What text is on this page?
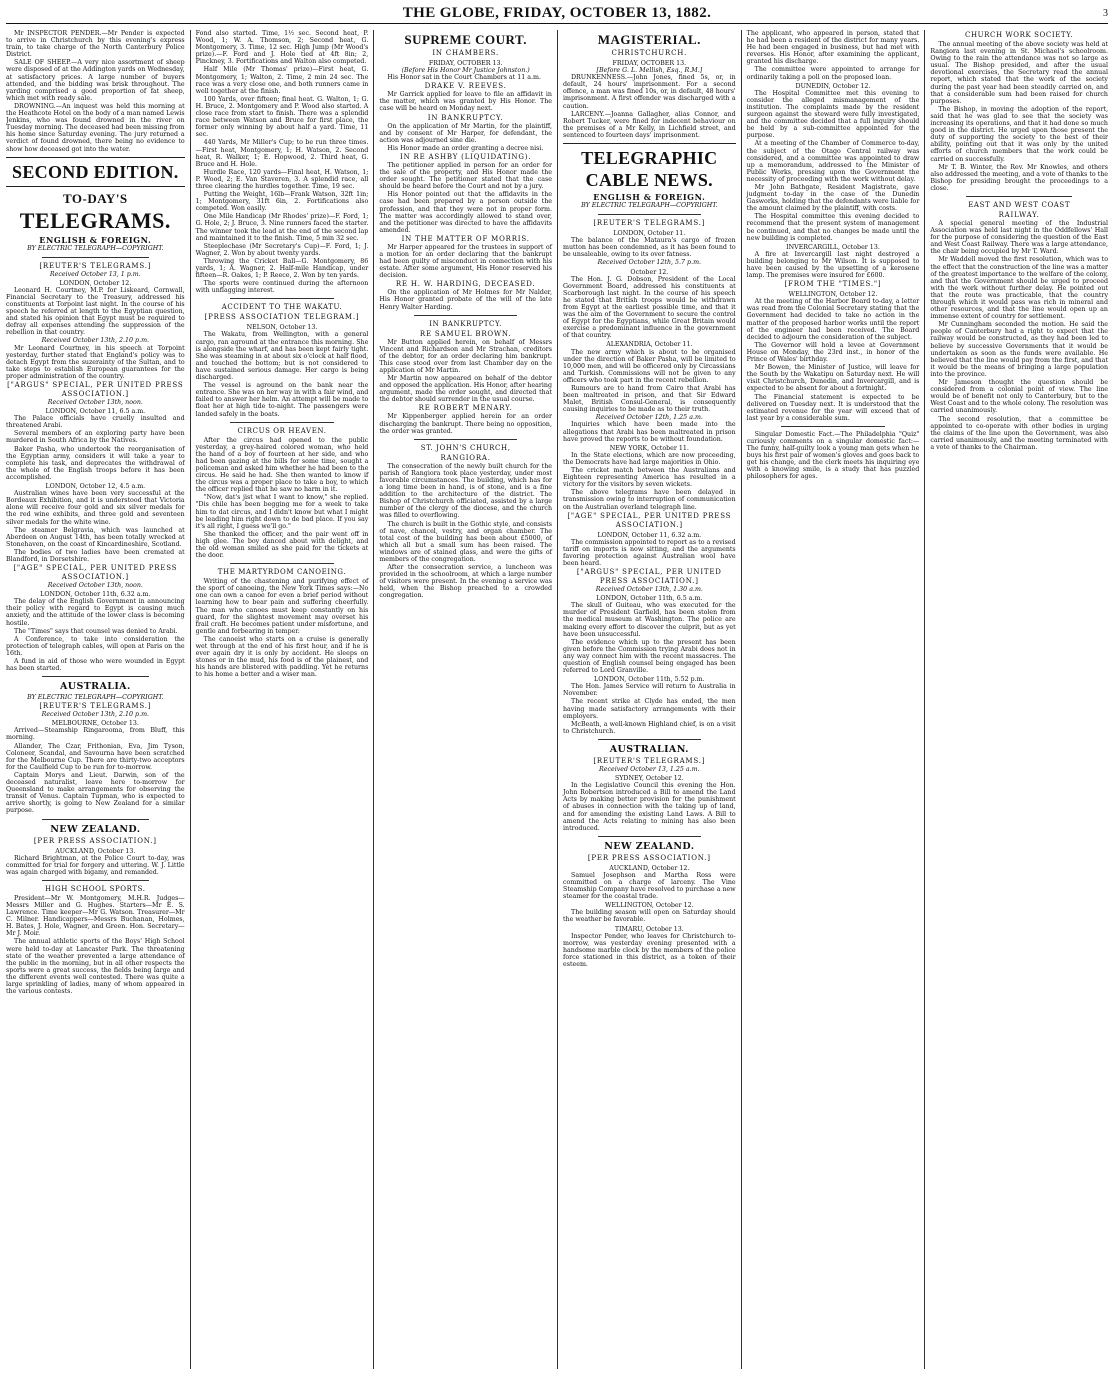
THE GLOBE, FRIDAY, OCTOBER 13, 1882.	3

Mr INSPECTOR PENDER.—Mr Pender is expected to arrive in Christchurch by this evening's express train, to take charge of the North Canterbury Police District.

SALE OF SHEEP.—A very nice assortment of sheep were disposed of at the Addington yards on Wednesday, at satisfactory prices. A large number of buyers attended, and the bidding was brisk throughout. The yarding comprised a good proportion of fat sheep, which met with ready sale.

DROWNING.—An inquest was held this morning at the Heathcote Hotel on the body of a man named Lewis Jenkins, who was found drowned in the river on Tuesday morning. The deceased had been missing from his home since Saturday evening. The jury returned a verdict of found drowned, there being no evidence to show how deceased got into the water.

SECOND EDITION.
TO-DAY'S
TELEGRAMS.
ENGLISH & FOREIGN.
BY ELECTRIC TELEGRAPH—COPYRIGHT.
[REUTER'S TELEGRAMS.]
Received October 13, 1 p.m.
LONDON, October 12.

Leonard H. Courtney, M.P. for Liskeard, Cornwall, Financial Secretary to the Treasury, addressed his constituents at Torpoint last night. In the course of his speech he referred at length to the Egyptian question, and stated his opinion that Egypt must be required to defray all expenses attending the suppression of the rebellion in that country.

Received October 13th, 2.10 p.m.

Mr Leonard Courtney, in his speech at Torpoint yesterday, further stated that England's policy was to detach Egypt from the suzerainty of the Sultan, and to take steps to establish European guarantees for the proper administration of the country.

["ARGUS" SPECIAL, PER UNITED PRESS ASSOCIATION.]
Received October 13th, noon.
LONDON, October 11, 6.5 a.m.

The Palace officials have cruelly insulted and threatened Arabi.

Several members of an exploring party have been murdered in South Africa by the Natives.

Baker Pasha, who undertook the reorganisation of the Egyptian army, considers it will take a year to complete his task, and deprecates the withdrawal of the whole of the English troops before it has been accomplished.

LONDON, October 12, 4.5 a.m.

Australian wines have been very successful at the Bordeaux Exhibition, and it is understood that Victoria alone will receive four gold and six silver medals for the red wine exhibits, and three gold and seventeen silver medals for the white wine.

The steamer Belgravia, which was launched at Aberdeen on August 14th, has been totally wrecked at Stonehaven, on the coast of Kincardineshire, Scotland.

The bodies of two ladies have been cremated at Blandford, in Dorsetshire.

["AGE" SPECIAL, PER UNITED PRESS ASSOCIATION.]
Received October 13th, noon.
LONDON, October 11th, 6.32 a.m.

The delay of the English Government in announcing their policy with regard to Egypt is causing much anxiety, and the attitude of the lower class is becoming hostile.

The "Times" says that counsel was denied to Arabi.

A Conference, to take into consideration the protection of telegraph cables, will open at Paris on the 16th.

A fund in aid of those who were wounded in Egypt has been started.

AUSTRALIA.
BY ELECTRIC TELEGRAPH—COPYRIGHT.
[REUTER'S TELEGRAMS.]
Received October 13th, 2.10 p.m.
MELBOURNE, October 13.

Arrived—Steamship Ringarooma, from Bluff, this morning.

Allander, The Czar, Frithonian, Eva, Jim Tyson, Coloneer, Scandal, and Savourna have been scratched for the Melbourne Cup. There are thirty-two acceptors for the Caulfield Cup to be run for to-morrow.

Captain Morys and Lieut. Darwin, son of the deceased naturalist, leave here to-morrow for Queensland to make arrangements for observing the transit of Venus. Captain Tupman, who is expected to arrive shortly, is going to New Zealand for a similar purpose.

NEW ZEALAND.
[PER PRESS ASSOCIATION.]
AUCKLAND, October 13.

Richard Brightman, at the Police Court to-day, was committed for trial for forgery and uttering. W. J. Little was again charged with bigamy, and remanded.

HIGH SCHOOL SPORTS.

President—Mr W. Montgomery, M.H.R. Judges—Messrs Miller and G. Hughes. Starters—Mr E. S. Lawrence. Time keeper—Mr G. Watson. Treasurer—Mr C. Milner. Handicappers—Messrs Buchanan, Holmes, H. Bates, J. Hole, Wagner, and Green. Hon. Secretary—Mr J. Moir.

The annual athletic sports of the Boys' High School were held to-day at Lancaster Park. The threatening state of the weather prevented a large attendance of the public in the morning, but in all other respects the sports were a great success, the fields being large and the different events well contested. There was quite a large sprinkling of ladies, many of whom appeared in the various contests.

Fond also started. Time, 1½ sec. Second heat, P. Wood, 1; W. A. Thomson, 2; Second heat, G. Montgomery, 3. Time, 12 sec. High Jump (Mr Wood's prize).—F. Ford and J. Hole tied at 4ft 8in; 2, Pinckney, 3. Fortifications and Walton also competed.

Half Mile (Mr Thomas' prize)—First heat, G. Montgomery, 1; Walton, 2. Time, 2 min 24 sec. The race was a very close one, and both runners came in well together at the finish.

100 Yards, over fifteen; final heat. G. Walton, 1; G. H. Bruce, 2. Montgomery and P. Wood also started. A close race from start to finish. There was a splendid race between Watson and Bruce for first place, the former only winning by about half a yard. Time, 11 sec.

440 Yards, Mr Miller's Cup; to be run three times.—First heat, Montgomery, 1; H. Watson, 2. Second heat, R. Walker, 1; E. Hopwood, 2. Third heat, G. Bruce and H. Hole.

Hurdle Race, 120 yards—Final heat, H. Watson, 1; P. Wood, 2; E. Van Staveren, 3. A splendid race, all three clearing the hurdles together. Time, 19 sec.

Putting the Weight, 16lb—Frank Watson, 32ft 1in; 1; Montgomery, 31ft 6in, 2. Fortifications also competed. Won easily.

One Mile Handicap (Mr Rhodes' prize)—F. Ford, 1; G. Hole, 2; J. Bruce, 3. Nine runners faced the starter. The winner took the lead at the end of the second lap and maintained it to the finish. Time, 5 min 32 sec.

Steeplechase (Mr Secretary's Cup)—F. Ford, 1; J. Wagner, 2. Won by about twenty yards.

Throwing the Cricket Ball—G. Montgomery, 86 yards, 1; A. Wagner, 2. Half-mile Handicap, under fifteen—R. Oakes, 1; P. Reece, 2. Won by ten yards.

The sports were continued during the afternoon with unflagging interest.

ACCIDENT TO THE WAKATU.
[PRESS ASSOCIATION TELEGRAM.]
NELSON, October 13.

The Wakatu, from Wellington, with a general cargo, ran aground at the entrance this morning. She is alongside the wharf, and has been kept fairly tight. She was steaming in at about six o'clock at half flood, and touched the bottom; but is not considered to have sustained serious damage. Her cargo is being discharged.

The vessel is aground on the bank near the entrance. She was on her way in with a fair wind, and failed to answer her helm. An attempt will be made to float her at high tide to-night. The passengers were landed safely in the boats.

CIRCUS OR HEAVEN.

After the circus had opened to the public yesterday, a grey-haired colored woman, who held the hand of a boy of fourteen at her side, and who had been gazing at the bills for some time, sought a policeman and asked him whether he had been to the circus. He said he had. She then wanted to know if the circus was a proper place to take a boy, to which the officer replied that he saw no harm in it.

"Now, dat's jist what I want to know," she replied. "Dis chile has been begging me for a week to take him to dat circus, and I didn't know but what I might be leading him right down to de bad place. If you say it's all right, I guess we'll go."

She thanked the officer, and the pair went off in high glee. The boy danced about with delight, and the old woman smiled as she paid for the tickets at the door.

THE MARTYRDOM CANOEING.

Writing of the chastening and purifying effect of the sport of canoeing, the New York Times says:—No one can own a canoe for even a brief period without learning how to bear pain and suffering cheerfully. The man who canoes must keep constantly on his guard, for the slightest movement may overset his frail craft. He becomes patient under misfortune, and gentle and forbearing in temper.

The canoeist who starts on a cruise is generally wet through at the end of his first hour, and if he is ever again dry it is only by accident. He sleeps on stones or in the mud, his food is of the plainest, and his hands are blistered with paddling. Yet he returns to his home a better and a wiser man.

SUPREME COURT.
IN CHAMBERS.
FRIDAY, OCTOBER 13.
(Before His Honor Mr Justice Johnston.)

His Honor sat in the Court Chambers at 11 a.m.

DRAKE V. REEVES.

Mr Garrick applied for leave to file an affidavit in the matter, which was granted by His Honor. The case will be heard on Monday next.

IN BANKRUPTCY.

On the application of Mr Martin, for the plaintiff, and by consent of Mr Harper, for defendant, the action was adjourned sine die.

His Honor made an order granting a decree nisi.

IN RE ASHBY (LIQUIDATING).

The petitioner applied in person for an order for the sale of the property, and His Honor made the order sought. The petitioner stated that the case should be heard before the Court and not by a jury.

His Honor pointed out that the affidavits in the case had been prepared by a person outside the profession, and that they were not in proper form. The matter was accordingly allowed to stand over, and the petitioner was directed to have the affidavits amended.

IN THE MATTER OF MORRIS.

Mr Harper appeared for the trustees in support of a motion for an order declaring that the bankrupt had been guilty of misconduct in connection with his estate. After some argument, His Honor reserved his decision.

RE H. W. HARDING, DECEASED.

On the application of Mr Holmes for Mr Nalder, His Honor granted probate of the will of the late Henry Walter Harding.

IN BANKRUPTCY.
RE SAMUEL BROWN.

Mr Button applied herein, on behalf of Messrs Vincent and Richardson and Mr Strachan, creditors of the debtor, for an order declaring him bankrupt. This case stood over from last Chamber day on the application of Mr Martin.

Mr Martin now appeared on behalf of the debtor and opposed the application. His Honor, after hearing argument, made the order sought, and directed that the debtor should surrender in the usual course.

RE ROBERT MENARY.

Mr Kippenberger applied herein for an order discharging the bankrupt. There being no opposition, the order was granted.

ST. JOHN'S CHURCH,
RANGIORA.

The consecration of the newly built church for the parish of Rangiora took place yesterday, under most favorable circumstances. The building, which has for a long time been in hand, is of stone, and is a fine addition to the architecture of the district. The Bishop of Christchurch officiated, assisted by a large number of the clergy of the diocese, and the church was filled to overflowing.

The church is built in the Gothic style, and consists of nave, chancel, vestry, and organ chamber. The total cost of the building has been about £5000, of which all but a small sum has been raised. The windows are of stained glass, and were the gifts of members of the congregation.

After the consecration service, a luncheon was provided in the schoolroom, at which a large number of visitors were present. In the evening a service was held, when the Bishop preached to a crowded congregation.

MAGISTERIAL.
CHRISTCHURCH.
FRIDAY, OCTOBER 13.
[Before G. L. Mellish, Esq., R.M.]

DRUNKENNESS.—John Jones, fined 5s, or, in default, 24 hours' imprisonment. For a second offence, a man was fined 10s, or, in default, 48 hours' imprisonment. A first offender was discharged with a caution.

LARCENY.—Joanna Gallagher, alias Connor, and Robert Tucker, were fined for indecent behaviour on the premises of a Mr Kelly, in Lichfield street, and sentenced to fourteen days' imprisonment.

TELEGRAPHIC
CABLE NEWS.
ENGLISH & FOREIGN.
BY ELECTRIC TELEGRAPH—COPYRIGHT.
[REUTER'S TELEGRAMS.]
LONDON, October 11.

The balance of the Mataura's cargo of frozen mutton has been condemned, as it has been found to be unsaleable, owing to its over fatness.

Received October 12th, 5.7 p.m.
October 12.

The Hon. J. G. Dobson, President of the Local Government Board, addressed his constituents at Scarborough last night. In the course of his speech he stated that British troops would be withdrawn from Egypt at the earliest possible time, and that it was the aim of the Government to secure the control of Egypt for the Egyptians, while Great Britain would exercise a predominant influence in the government of that country.

ALEXANDRIA, October 11.

The new army which is about to be organised under the direction of Baker Pasha, will be limited to 10,000 men, and will be officered only by Circassians and Turkish. Commissions will not be given to any officers who took part in the recent rebellion.

Rumours are to hand from Cairo that Arabi has been maltreated in prison, and that Sir Edward Malet, British Consul-General, is consequently causing inquiries to be made as to their truth.

Received October 12th, 1.25 a.m.

Inquiries which have been made into the allegations that Arabi has been maltreated in prison have proved the reports to be without foundation.

NEW YORK, October 11.

In the State elections, which are now proceeding, the Democrats have had large majorities in Ohio.

The cricket match between the Australians and Eighteen representing America has resulted in a victory for the visitors by seven wickets.

The above telegrams have been delayed in transmission owing to interruption of communication on the Australian overland telegraph line.

["AGE" SPECIAL, PER UNITED PRESS ASSOCIATION.]
LONDON, October 11, 6.32 a.m.

The commission appointed to report as to a revised tariff on imports is now sitting, and the arguments favoring protection against Australian wool have been heard.

["ARGUS" SPECIAL, PER UNITED PRESS ASSOCIATION.]
Received October 13th, 1.30 a.m.
LONDON, October 11th, 6.5 a.m.

The skull of Guiteau, who was executed for the murder of President Garfield, has been stolen from the medical museum at Washington. The police are making every effort to discover the culprit, but as yet have been unsuccessful.

The evidence which up to the present has been given before the Commission trying Arabi does not in any way connect him with the recent massacres. The question of English counsel being engaged has been referred to Lord Granville.

LONDON, October 11th, 5.52 p.m.

The Hon. James Service will return to Australia in November.

The recent strike at Clyde has ended, the men having made satisfactory arrangements with their employers.

McBeath, a well-known Highland chief, is on a visit to Christchurch.

AUSTRALIAN.
[REUTER'S TELEGRAMS.]
Received October 13, 1.25 a.m.
SYDNEY, October 12.

In the Legislative Council this evening the Hon. John Robertson introduced a Bill to amend the Land Acts by making better provision for the punishment of abuses in connection with the taking up of land, and for amending the existing Land Laws. A Bill to amend the Acts relating to mining has also been introduced.

NEW ZEALAND.
[PER PRESS ASSOCIATION.]
AUCKLAND, October 12.

Samuel Josephson and Martha Ross were committed on a charge of larceny. The Vine Steamship Company have resolved to purchase a new steamer for the coastal trade.

WELLINGTON, October 12.

The building season will open on Saturday should the weather be favorable.

TIMARU, October 13.

Inspector Pender, who leaves for Christchurch to-morrow, was yesterday evening presented with a handsome marble clock by the members of the police force stationed in this district, as a token of their esteem.

The applicant, who appeared in person, stated that he had been a resident of the district for many years. He had been engaged in business, but had met with reverses. His Honor, after examining the applicant, granted his discharge.

The committee were appointed to arrange for ordinarily taking a poll on the proposed loan.

DUNEDIN, October 12.

The Hospital Committee met this evening to consider the alleged mismanagement of the institution. The complaints made by the resident surgeon against the steward were fully investigated, and the committee decided that a full inquiry should be held by a sub-committee appointed for the purpose.

At a meeting of the Chamber of Commerce to-day, the subject of the Otago Central railway was considered, and a committee was appointed to draw up a memorandum, addressed to the Minister of Public Works, pressing upon the Government the necessity of proceeding with the work without delay.

Mr John Bathgate, Resident Magistrate, gave judgment to-day in the case of the Dunedin Gasworks, holding that the defendants were liable for the amount claimed by the plaintiff, with costs.

The Hospital committee this evening decided to recommend that the present system of management be continued, and that no changes be made until the new building is completed.

INVERCARGILL, October 13.

A fire at Invercargill last night destroyed a building belonging to Mr Wilson. It is supposed to have been caused by the upsetting of a kerosene lamp. The premises were insured for £600.

[FROM THE "TIMES."]
WELLINGTON, October 12.

At the meeting of the Harbor Board to-day, a letter was read from the Colonial Secretary stating that the Government had decided to take no action in the matter of the proposed harbor works until the report of the engineer had been received. The Board decided to adjourn the consideration of the subject.

The Governor will hold a levee at Government House on Monday, the 23rd inst., in honor of the Prince of Wales' birthday.

Mr Bowen, the Minister of Justice, will leave for the South by the Wakatipu on Saturday next. He will visit Christchurch, Dunedin, and Invercargill, and is expected to be absent for about a fortnight.

The Financial statement is expected to be delivered on Tuesday next. It is understood that the estimated revenue for the year will exceed that of last year by a considerable sum.

Singular Domestic Fact.—The Philadelphia "Quiz" curiously comments on a singular domestic fact:—The funny, half-guilty look a young man gets when he buys his first pair of women's gloves and goes back to get his change, and the clerk meets his inquiring eye with a knowing smile, is a study that has puzzled philosophers for ages.

CHURCH WORK SOCIETY.

The annual meeting of the above society was held at Rangiora last evening in St. Michael's schoolroom. Owing to the rain the attendance was not so large as usual. The Bishop presided, and after the usual devotional exercises, the Secretary read the annual report, which stated that the work of the society during the past year had been steadily carried on, and that a considerable sum had been raised for church purposes.

The Bishop, in moving the adoption of the report, said that he was glad to see that the society was increasing its operations, and that it had done so much good in the district. He urged upon those present the duty of supporting the society to the best of their ability, pointing out that it was only by the united efforts of church members that the work could be carried on successfully.

Mr T. B. Winter, the Rev. Mr Knowles, and others also addressed the meeting, and a vote of thanks to the Bishop for presiding brought the proceedings to a close.

EAST AND WEST COAST
RAILWAY.

A special general meeting of the Industrial Association was held last night in the Oddfellows' Hall for the purpose of considering the question of the East and West Coast Railway. There was a large attendance, the chair being occupied by Mr T. Ward.

Mr Waddell moved the first resolution, which was to the effect that the construction of the line was a matter of the greatest importance to the welfare of the colony, and that the Government should be urged to proceed with the work without further delay. He pointed out that the route was practicable, that the country through which it would pass was rich in mineral and other resources, and that the line would open up an immense extent of country for settlement.

Mr Cunningham seconded the motion. He said the people of Canterbury had a right to expect that the railway would be constructed, as they had been led to believe by successive Governments that it would be undertaken as soon as the funds were available. He believed that the line would pay from the first, and that it would be the means of bringing a large population into the province.

Mr Jameson thought the question should be considered from a colonial point of view. The line would be of benefit not only to Canterbury, but to the West Coast and to the whole colony. The resolution was carried unanimously.

The second resolution, that a committee be appointed to co-operate with other bodies in urging the claims of the line upon the Government, was also carried unanimously, and the meeting terminated with a vote of thanks to the Chairman.
